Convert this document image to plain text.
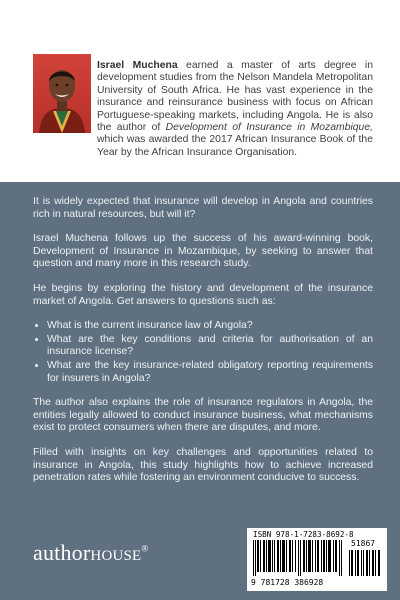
Israel Muchena earned a master of arts degree in development studies from the Nelson Mandela Metropolitan University of South Africa. He has vast experience in the insurance and reinsurance business with focus on African Portuguese-speaking markets, including Angola. He is also the author of Development of Insurance in Mozambique, which was awarded the 2017 African Insurance Book of the Year by the African Insurance Organisation.

It is widely expected that insurance will develop in Angola and countries rich in natural resources, but will it?

Israel Muchena follows up the success of his award-winning book, Development of Insurance in Mozambique, by seeking to answer that question and many more in this research study.

He begins by exploring the history and development of the insurance market of Angola. Get answers to questions such as:

• What is the current insurance law of Angola?
• What are the key conditions and criteria for authorisation of an insurance license?
• What are the key insurance-related obligatory reporting requirements for insurers in Angola?

The author also explains the role of insurance regulators in Angola, the entities legally allowed to conduct insurance business, what mechanisms exist to protect consumers when there are disputes, and more.

Filled with insights on key challenges and opportunities related to insurance in Angola, this study highlights how to achieve increased penetration rates while fostering an environment conducive to success.

authorHOUSE®
ISBN 978-1-7283-8692-8
51867
9 781728 386928
